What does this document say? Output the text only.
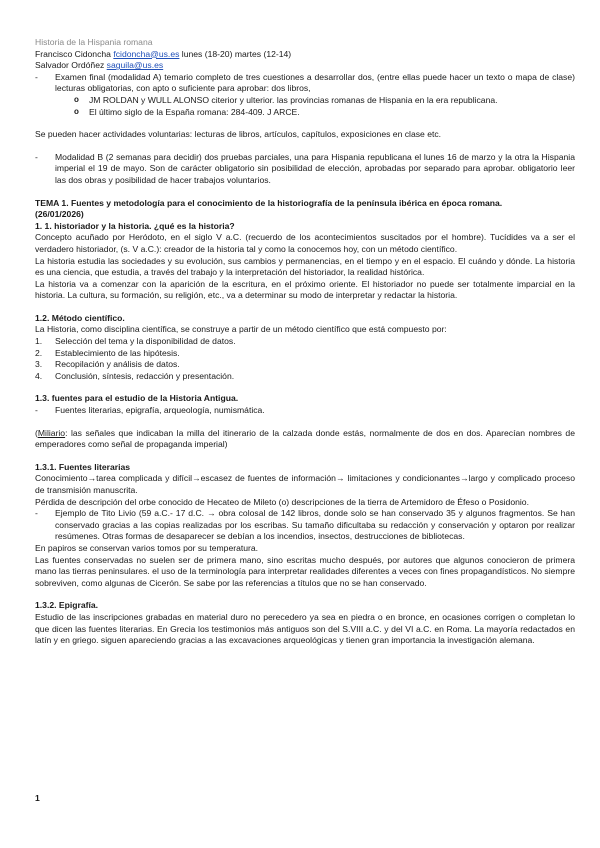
Historia de la Hispania romana
Francisco Cidoncha fcidoncha@us.es lunes (18-20) martes (12-14)
Salvador Ordóñez saguila@us.es
- Examen final (modalidad A) temario completo de tres cuestiones a desarrollar dos, (entre ellas puede hacer un texto o mapa de clase) lecturas obligatorias, con apto o suficiente para aprobar: dos libros,
o JM ROLDAN y WULL ALONSO citerior y ulterior. las provincias romanas de Hispania en la era republicana.
o El último siglo de la España romana: 284-409. J ARCE.
Se pueden hacer actividades voluntarias: lecturas de libros, artículos, capítulos, exposiciones en clase etc.
- Modalidad B (2 semanas para decidir) dos pruebas parciales, una para Hispania republicana el lunes 16 de marzo y la otra la Hispania imperial el 19 de mayo. Son de carácter obligatorio sin posibilidad de elección, aprobadas por separado para aprobar. obligatorio leer las dos obras y posibilidad de hacer trabajos voluntarios.
TEMA 1. Fuentes y metodología para el conocimiento de la historiografía de la península ibérica en época romana.
(26/01/2026)
1. 1. historiador y la historia. ¿qué es la historia?
Concepto acuñado por Heródoto, en el siglo V a.C. (recuerdo de los acontecimientos suscitados por el hombre). Tucídides va a ser el verdadero historiador, (s. V a.C.): creador de la historia tal y como la conocemos hoy, con un método científico.
La historia estudia las sociedades y su evolución, sus cambios y permanencias, en el tiempo y en el espacio. El cuándo y dónde. La historia es una ciencia, que estudia, a través del trabajo y la interpretación del historiador, la realidad histórica.
La historia va a comenzar con la aparición de la escritura, en el próximo oriente. El historiador no puede ser totalmente imparcial en la historia. La cultura, su formación, su religión, etc., va a determinar su modo de interpretar y redactar la historia.
1.2. Método científico.
La Historia, como disciplina científica, se construye a partir de un método científico que está compuesto por:
1. Selección del tema y la disponibilidad de datos.
2. Establecimiento de las hipótesis.
3. Recopilación y análisis de datos.
4. Conclusión, síntesis, redacción y presentación.
1.3. fuentes para el estudio de la Historia Antigua.
- Fuentes literarias, epigrafía, arqueología, numismática.
(Miliario: las señales que indicaban la milla del itinerario de la calzada donde estás, normalmente de dos en dos. Aparecían nombres de emperadores como señal de propaganda imperial)
1.3.1. Fuentes literarias
Conocimiento→tarea complicada y difícil→escasez de fuentes de información→ limitaciones y condicionantes→largo y complicado proceso de transmisión manuscrita.
Pérdida de descripción del orbe conocido de Hecateo de Mileto (o) descripciones de la tierra de Artemidoro de Éfeso o Posidonio.
- Ejemplo de Tito Livio (59 a.C.- 17 d.C. → obra colosal de 142 libros, donde solo se han conservado 35 y algunos fragmentos. Se han conservado gracias a las copias realizadas por los escribas. Su tamaño dificultaba su redacción y conservación y optaron por realizar resúmenes. Otras formas de desaparecer se debían a los incendios, insectos, destrucciones de bibliotecas.
En papiros se conservan varios tomos por su temperatura.
Las fuentes conservadas no suelen ser de primera mano, sino escritas mucho después, por autores que algunos conocieron de primera mano las tierras peninsulares. el uso de la terminología para interpretar realidades diferentes a veces con fines propagandísticos. No siempre sobreviven, como algunas de Cicerón. Se sabe por las referencias a títulos que no se han conservado.
1.3.2. Epigrafía.
Estudio de las inscripciones grabadas en material duro no perecedero ya sea en piedra o en bronce, en ocasiones corrigen o completan lo que dicen las fuentes literarias. En Grecia los testimonios más antiguos son del S.VIII a.C. y del VI a.C. en Roma. La mayoría redactados en latín y en griego. siguen apareciendo gracias a las excavaciones arqueológicas y tienen gran importancia la investigación alemana.
1
